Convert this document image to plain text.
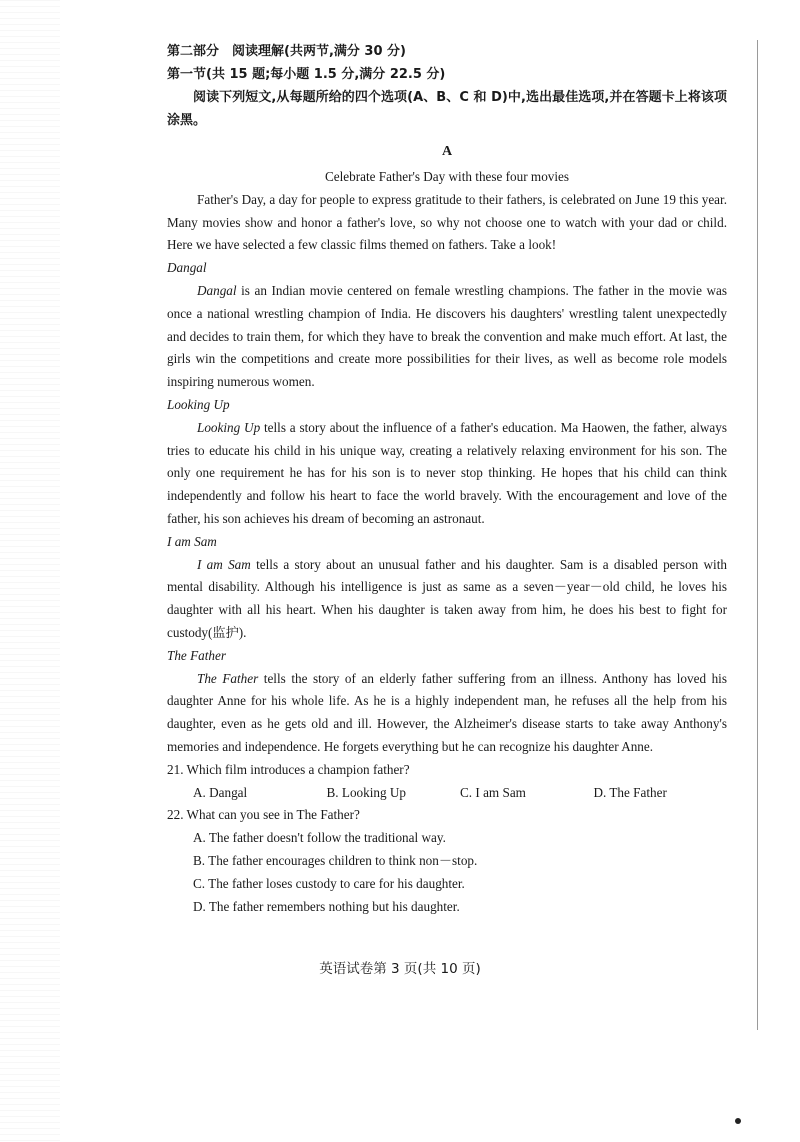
第二部分　阅读理解(共两节,满分 30 分)

第一节(共 15 题;每小题 1.5 分,满分 22.5 分)

阅读下列短文,从每题所给的四个选项(A、B、C 和 D)中,选出最佳选项,并在答题卡上将该项涂黑。

A

Celebrate Father's Day with these four movies

Father's Day, a day for people to express gratitude to their fathers, is celebrated on June 19 this year. Many movies show and honor a father's love, so why not choose one to watch with your dad or child. Here we have selected a few classic films themed on fathers. Take a look!

Dangal

Dangal is an Indian movie centered on female wrestling champions. The father in the movie was once a national wrestling champion of India. He discovers his daughters' wrestling talent unexpectedly and decides to train them, for which they have to break the convention and make much effort. At last, the girls win the competitions and create more possibilities for their lives, as well as become role models inspiring numerous women.

Looking Up

Looking Up tells a story about the influence of a father's education. Ma Haowen, the father, always tries to educate his child in his unique way, creating a relatively relaxing environment for his son. The only one requirement he has for his son is to never stop thinking. He hopes that his child can think independently and follow his heart to face the world bravely. With the encouragement and love of the father, his son achieves his dream of becoming an astronaut.

I am Sam

I am Sam tells a story about an unusual father and his daughter. Sam is a disabled person with mental disability. Although his intelligence is just as same as a seven－year－old child, he loves his daughter with all his heart. When his daughter is taken away from him, he does his best to fight for custody(监护).

The Father

The Father tells the story of an elderly father suffering from an illness. Anthony has loved his daughter Anne for his whole life. As he is a highly independent man, he refuses all the help from his daughter, even as he gets old and ill. However, the Alzheimer's disease starts to take away Anthony's memories and independence. He forgets everything but he can recognize his daughter Anne.

21. Which film introduces a champion father?

A. Dangal	B. Looking Up	C. I am Sam	D. The Father

22. What can you see in The Father?

A. The father doesn't follow the traditional way.

B. The father encourages children to think non－stop.

C. The father loses custody to care for his daughter.

D. The father remembers nothing but his daughter.

英语试卷第 3 页(共 10 页)
